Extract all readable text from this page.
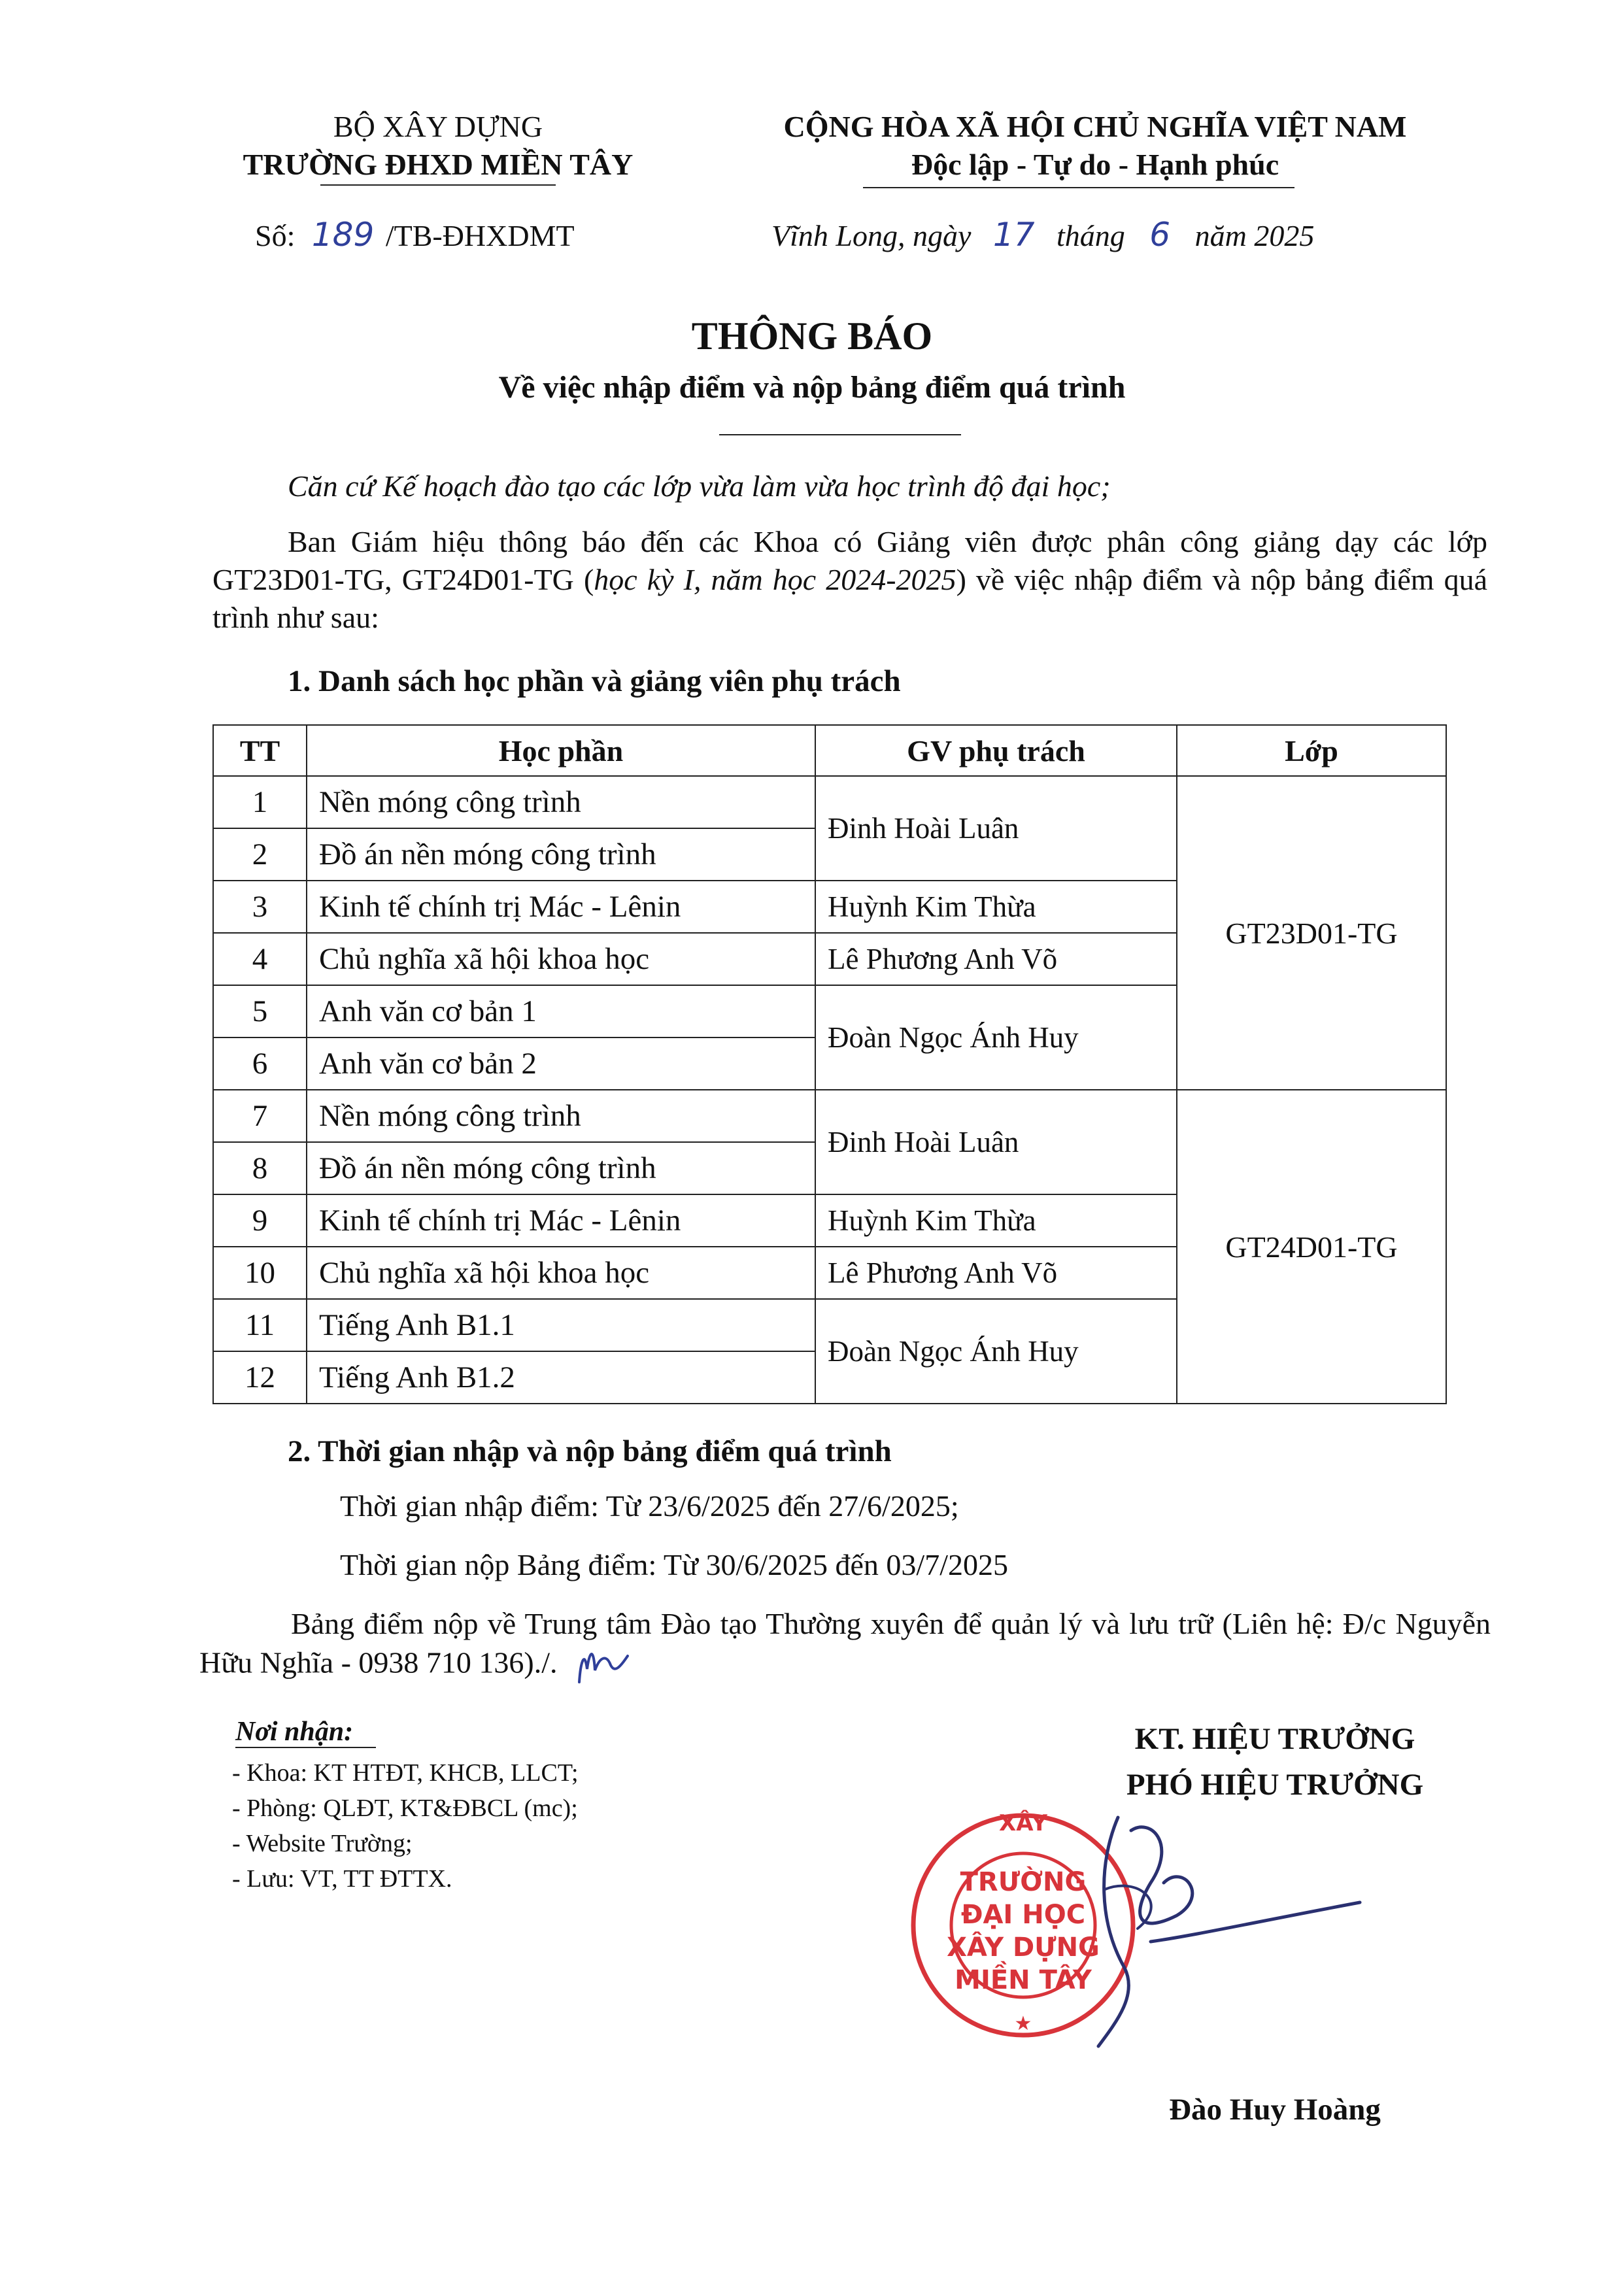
BỘ XÂY DỰNG
TRƯỜNG ĐHXD MIỀN TÂY
CỘNG HÒA XÃ HỘI CHỦ NGHĨA VIỆT NAM
Độc lập - Tự do - Hạnh phúc
Số: 189 /TB-ĐHXDMT	Vĩnh Long, ngày 17 tháng 6 năm 2025
THÔNG BÁO
Về việc nhập điểm và nộp bảng điểm quá trình
Căn cứ Kế hoạch đào tạo các lớp vừa làm vừa học trình độ đại học;
Ban Giám hiệu thông báo đến các Khoa có Giảng viên được phân công giảng dạy các lớp GT23D01-TG, GT24D01-TG (học kỳ I, năm học 2024-2025) về việc nhập điểm và nộp bảng điểm quá trình như sau:
1. Danh sách học phần và giảng viên phụ trách
TT	Học phần	GV phụ trách	Lớp
1	Nền móng công trình	Đinh Hoài Luân	GT23D01-TG
2	Đồ án nền móng công trình		
3	Kinh tế chính trị Mác - Lênin	Huỳnh Kim Thừa	
4	Chủ nghĩa xã hội khoa học	Lê Phương Anh Võ	
5	Anh văn cơ bản 1	Đoàn Ngọc Ánh Huy	
6	Anh văn cơ bản 2		
7	Nền móng công trình	Đinh Hoài Luân	GT24D01-TG
8	Đồ án nền móng công trình		
9	Kinh tế chính trị Mác - Lênin	Huỳnh Kim Thừa	
10	Chủ nghĩa xã hội khoa học	Lê Phương Anh Võ	
11	Tiếng Anh B1.1	Đoàn Ngọc Ánh Huy	
12	Tiếng Anh B1.2		
2. Thời gian nhập và nộp bảng điểm quá trình
Thời gian nhập điểm: Từ 23/6/2025 đến 27/6/2025;
Thời gian nộp Bảng điểm: Từ 30/6/2025 đến 03/7/2025
Bảng điểm nộp về Trung tâm Đào tạo Thường xuyên để quản lý và lưu trữ (Liên hệ: Đ/c Nguyễn Hữu Nghĩa - 0938 710 136)./.
Nơi nhận:
- Khoa: KT HTĐT, KHCB, LLCT;
- Phòng: QLĐT, KT&ĐBCL (mc);
- Website Trường;
- Lưu: VT, TT ĐTTX.
KT. HIỆU TRƯỞNG
PHÓ HIỆU TRƯỞNG
XÂY
TRƯỜNG
ĐẠI HỌC
XÂY DỰNG
MIỀN TÂY
★
Đào Huy Hoàng
